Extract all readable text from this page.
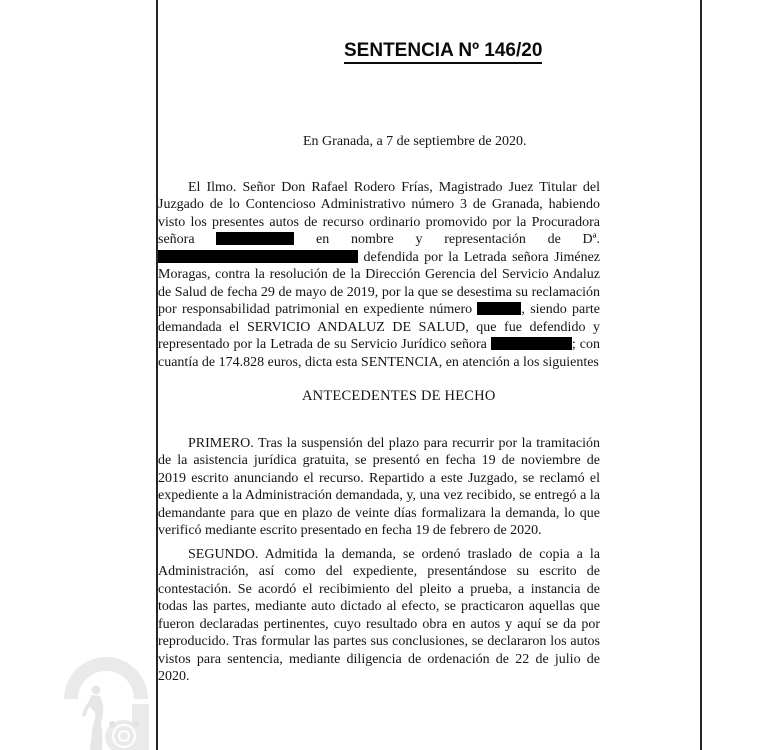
SENTENCIA Nº 146/20

En Granada, a 7 de septiembre de 2020.

El Ilmo. Señor Don Rafael Rodero Frías, Magistrado Juez Titular del Juzgado de lo Contencioso Administrativo número 3 de Granada, habiendo visto los presentes autos de recurso ordinario promovido por la Procuradora señora	en nombre y representación de Dª.  defendida por la Letrada señora Jiménez Moragas, contra la resolución de la Dirección Gerencia del Servicio Andaluz de Salud de fecha 29 de mayo de 2019, por la que se desestima su reclamación por responsabilidad patrimonial en expediente número	, siendo parte demandada el SERVICIO ANDALUZ DE SALUD, que fue defendido y representado por la Letrada de su Servicio Jurídico señora	; con cuantía de 174.828 euros, dicta esta SENTENCIA, en atención a los siguientes

ANTECEDENTES DE HECHO

PRIMERO. Tras la suspensión del plazo para recurrir por la tramitación de la asistencia jurídica gratuita, se presentó en fecha 19 de noviembre de 2019 escrito anunciando el recurso. Repartido a este Juzgado, se reclamó el expediente a la Administración demandada, y, una vez recibido, se entregó a la demandante para que en plazo de veinte días formalizara la demanda, lo que verificó mediante escrito presentado en fecha 19 de febrero de 2020.

SEGUNDO. Admitida la demanda, se ordenó traslado de copia a la Administración, así como del expediente, presentándose su escrito de contestación. Se acordó el recibimiento del pleito a prueba, a instancia de todas las partes, mediante auto dictado al efecto, se practicaron aquellas que fueron declaradas pertinentes, cuyo resultado obra en autos y aquí se da por reproducido. Tras formular las partes sus conclusiones, se declararon los autos vistos para sentencia, mediante diligencia de ordenación de 22 de julio de 2020.
